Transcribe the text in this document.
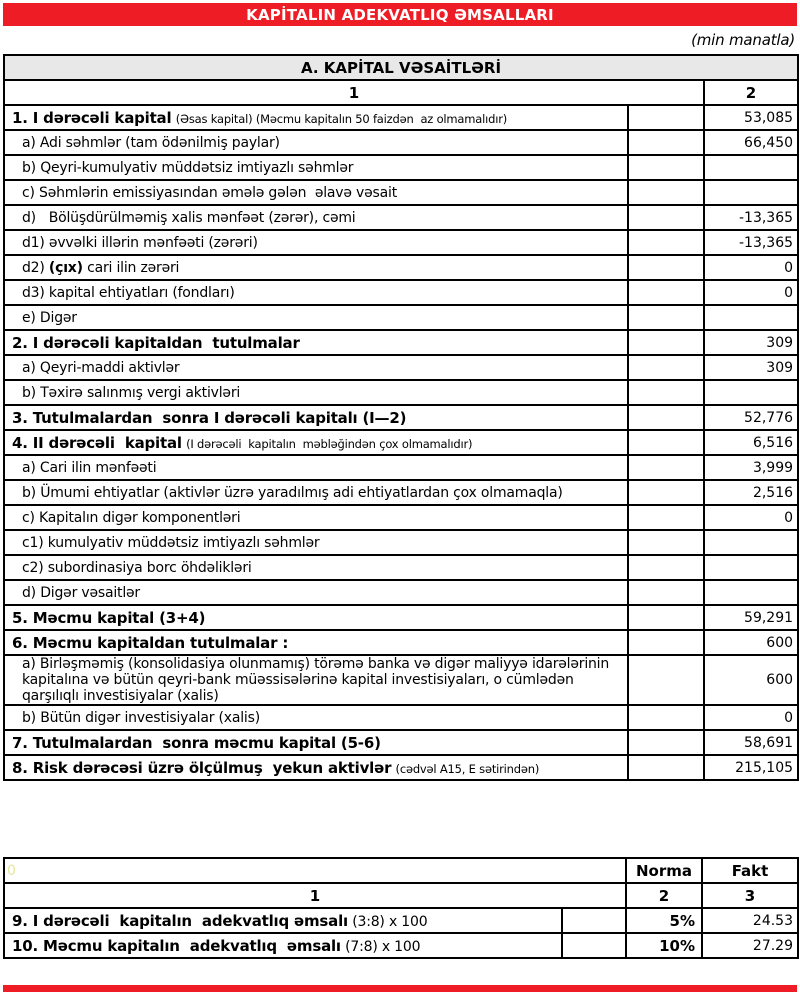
KAPİTALIN ADEKVATLIQ ƏMSALLARI
(min manatla)
A. KAPİTAL VƏSAİTLƏRİ		
1		2
1. I dərəcəli kapital (Əsas kapital) (Məcmu kapitalın 50 faizdən  az olmamalıdır)		53,085
a) Adi səhmlər (tam ödənilmiş paylar)		66,450
b) Qeyri-kumulyativ müddətsiz imtiyazlı səhmlər		
c) Səhmlərin emissiyasından əmələ gələn  əlavə vəsait		
d)   Bölüşdürülməmiş xalis mənfəət (zərər), cəmi		-13,365
d1) əvvəlki illərin mənfəəti (zərəri)		-13,365
d2) (çıx) cari ilin zərəri		0
d3) kapital ehtiyatları (fondları)		0
e) Digər		
2. I dərəcəli kapitaldan  tutulmalar		309
a) Qeyri-maddi aktivlər		309
b) Təxirə salınmış vergi aktivləri		
3. Tutulmalardan  sonra I dərəcəli kapitalı (I—2)		52,776
4. II dərəcəli  kapital (I dərəcəli  kapitalın  məbləğindən çox olmamalıdır)		6,516
a) Cari ilin mənfəəti		3,999
b) Ümumi ehtiyatlar (aktivlər üzrə yaradılmış adi ehtiyatlardan çox olmamaqla)		2,516
c) Kapitalın digər komponentləri		0
c1) kumulyativ müddətsiz imtiyazlı səhmlər		
c2) subordinasiya borc öhdəlikləri		
d) Digər vəsaitlər		
5. Məcmu kapital (3+4)		59,291
6. Məcmu kapitaldan tutulmalar :		600
a) Birləşməmiş (konsolidasiya olunmamış) törəmə banka və digər maliyyə idarələrinin kapitalına və bütün qeyri-bank müəssisələrinə kapital investisiyaları, o cümlədən qarşılıqlı investisiyalar (xalis)		600
b) Bütün digər investisiyalar (xalis)		0
7. Tutulmalardan  sonra məcmu kapital (5-6)		58,691
8. Risk dərəcəsi üzrə ölçülmuş  yekun aktivlər (cədvəl A15, E sətirindən)		215,105
0		Norma	Fakt
1		2	3
9. I dərəcəli  kapitalın  adekvatlıq əmsalı (3:8) x 100		5%	24.53
10. Məcmu kapitalın  adekvatlıq  əmsalı (7:8) x 100		10%	27.29
